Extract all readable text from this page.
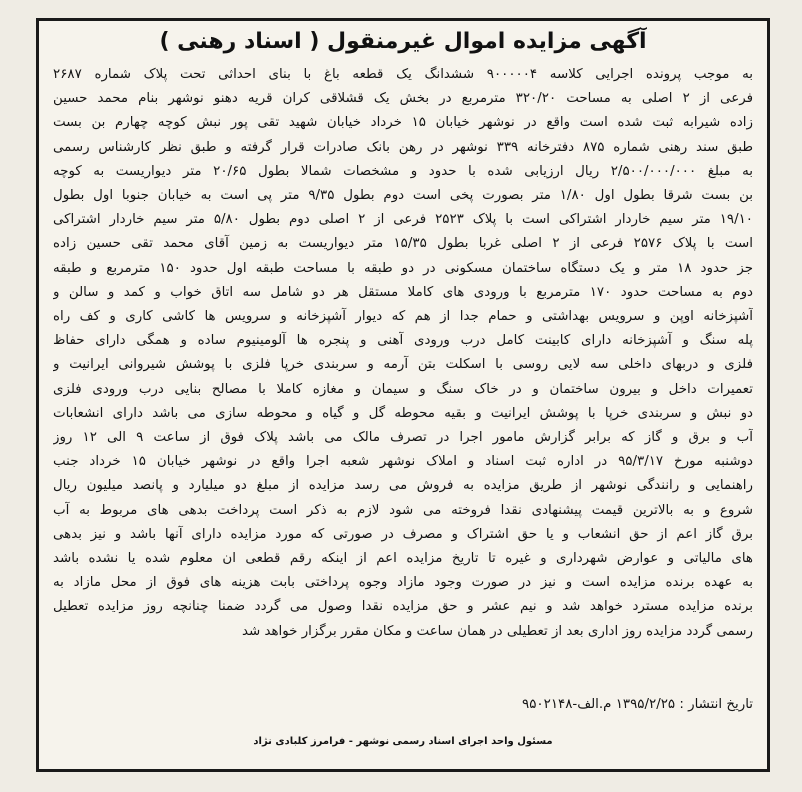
آگهی مزایده اموال غیرمنقول ( اسناد رهنی )
به موجب پرونده اجرایی کلاسه ۹۰۰۰۰۰۴ ششدانگ یک قطعه باغ با بنای احداثی تحت پلاک شماره ۲۶۸۷
فرعی از ۲ اصلی به مساحت ۳۲۰/۲۰ مترمربع در بخش یک قشلاقی کران قریه دهنو نوشهر بنام محمد حسین
زاده شیرابه ثبت شده است واقع در نوشهر خیابان ۱۵ خرداد خیابان شهید تقی پور نبش کوچه چهارم بن بست
طبق سند رهنی شماره ۸۷۵ دفترخانه ۳۳۹ نوشهر در رهن بانک صادرات قرار گرفته و طبق نظر کارشناس رسمی
به مبلغ ۲/۵۰۰/۰۰۰/۰۰۰ ریال ارزیابی شده با حدود و مشخصات شمالا بطول ۲۰/۶۵ متر دیواریست به کوچه
بن بست شرقا بطول اول ۱/۸۰ متر بصورت پخی است دوم بطول ۹/۳۵ متر پی است به خیابان جنوبا اول بطول
۱۹/۱۰ متر سیم خاردار اشتراکی است با پلاک ۲۵۲۳ فرعی از ۲ اصلی دوم بطول ۵/۸۰ متر سیم خاردار اشتراکی
است با پلاک ۲۵۷۶ فرعی از ۲ اصلی غربا بطول ۱۵/۳۵ متر دیواریست به زمین آقای محمد تقی حسین زاده
جز حدود ۱۸ متر و یک دستگاه ساختمان مسکونی در دو طبقه با مساحت طبقه اول حدود ۱۵۰ مترمربع و طبقه
دوم به مساحت حدود ۱۷۰ مترمربع با ورودی های کاملا مستقل هر دو شامل سه اتاق خواب و کمد و سالن و
آشپزخانه اوپن و سرویس بهداشتی و حمام جدا از هم که دیوار آشپزخانه و سرویس ها کاشی کاری و کف راه
پله سنگ و آشپزخانه دارای کابینت کامل درب ورودی آهنی و پنجره ها آلومینیوم ساده و همگی دارای حفاظ
فلزی و دربهای داخلی سه لایی روسی با اسکلت بتن آرمه و سربندی خرپا فلزی با پوشش شیروانی ایرانیت و
تعمیرات داخل و بیرون ساختمان و در خاک سنگ و سیمان و مغازه کاملا با مصالح بنایی درب ورودی فلزی
دو نبش و سربندی خرپا با پوشش ایرانیت و بقیه محوطه گل و گیاه و محوطه سازی می باشد دارای انشعابات
آب و برق و گاز که برابر گزارش مامور اجرا در تصرف مالک می باشد پلاک فوق از ساعت ۹ الی ۱۲ روز
دوشنبه مورخ ۹۵/۳/۱۷ در اداره ثبت اسناد و املاک نوشهر شعبه اجرا واقع در نوشهر خیابان ۱۵ خرداد جنب
راهنمایی و رانندگی نوشهر از طریق مزایده به فروش می رسد مزایده از مبلغ دو میلیارد و پانصد میلیون ریال
شروع و به بالاترین قیمت پیشنهادی نقدا فروخته می شود لازم به ذکر است پرداخت بدهی های مربوط به آب
برق گاز اعم از حق انشعاب و یا حق اشتراک و مصرف در صورتی که مورد مزایده دارای آنها باشد و نیز بدهی
های مالیاتی و عوارض شهرداری و غیره تا تاریخ مزایده اعم از اینکه رقم قطعی ان معلوم شده یا نشده باشد
به عهده برنده مزایده است و نیز در صورت وجود مازاد وجوه پرداختی بابت هزینه های فوق از محل مازاد به
برنده مزایده مسترد خواهد شد و نیم عشر و حق مزایده نقدا وصول می گردد ضمنا چنانچه روز مزایده تعطیل
رسمی گردد مزایده روز اداری بعد از تعطیلی در همان ساعت و مکان مقرر برگزار خواهد شد
تاریخ انتشار : ۱۳۹۵/۲/۲۵ م.الف-۹۵۰۲۱۴۸
مسئول واحد اجرای اسناد رسمی نوشهر - فرامرز کلبادی نژاد
